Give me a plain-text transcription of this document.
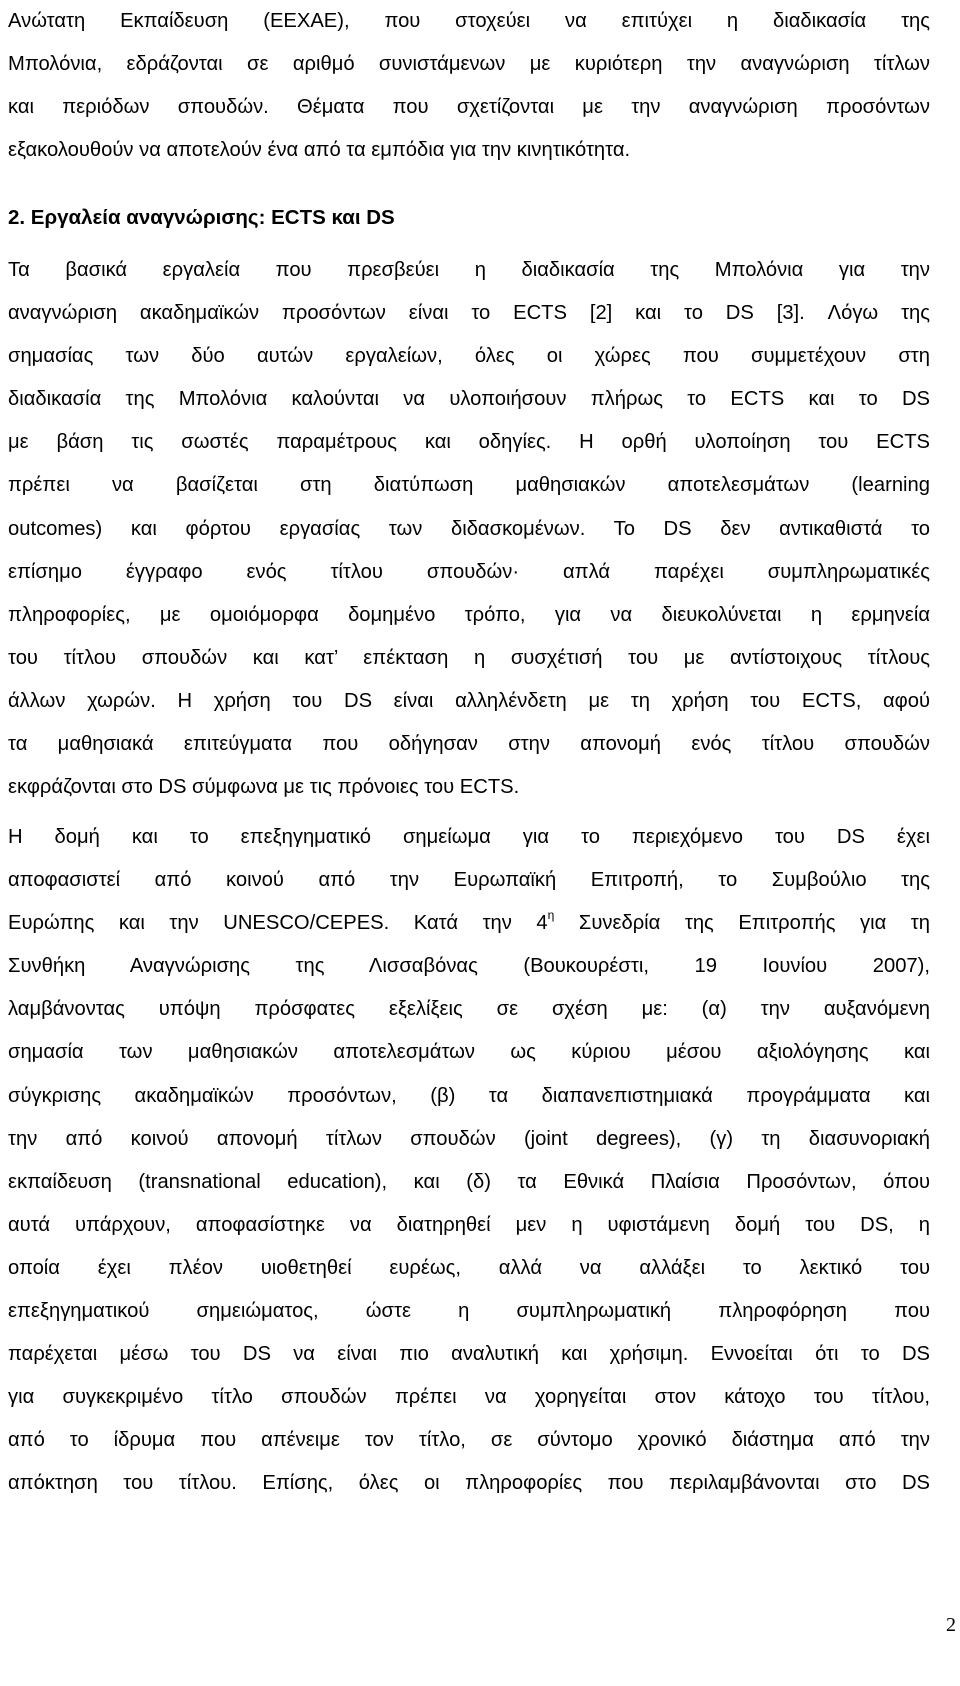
Ανώτατη Εκπαίδευση (ΕΕΧΑΕ), που στοχεύει να επιτύχει η διαδικασία της
Μπολόνια, εδράζονται σε αριθμό συνιστάμενων με κυριότερη την αναγνώριση τίτλων
και περιόδων σπουδών. Θέματα που σχετίζονται με την αναγνώριση προσόντων
εξακολουθούν να αποτελούν ένα από τα εμπόδια για την κινητικότητα.
2. Εργαλεία αναγνώρισης: ECTS και DS
Τα βασικά εργαλεία που πρεσβεύει η διαδικασία της Μπολόνια για την
αναγνώριση ακαδημαϊκών προσόντων είναι το ECTS [2] και το DS [3]. Λόγω της
σημασίας των δύο αυτών εργαλείων, όλες οι χώρες που συμμετέχουν στη
διαδικασία της Μπολόνια καλούνται να υλοποιήσουν πλήρως το ECTS και το DS
με βάση τις σωστές παραμέτρους και οδηγίες. Η ορθή υλοποίηση του ECTS
πρέπει να βασίζεται στη διατύπωση μαθησιακών αποτελεσμάτων (learning
outcomes) και φόρτου εργασίας των διδασκομένων. Το DS δεν αντικαθιστά το
επίσημο έγγραφο ενός τίτλου σπουδών· απλά παρέχει συμπληρωματικές
πληροφορίες, με ομοιόμορφα δομημένο τρόπο, για να διευκολύνεται η ερμηνεία
του τίτλου σπουδών και κατ’ επέκταση η συσχέτισή του με αντίστοιχους τίτλους
άλλων χωρών. Η χρήση του DS είναι αλληλένδετη με τη χρήση του ECTS, αφού
τα μαθησιακά επιτεύγματα που οδήγησαν στην απονομή ενός τίτλου σπουδών
εκφράζονται στο DS σύμφωνα με τις πρόνοιες του ECTS.
Η δομή και το επεξηγηματικό σημείωμα για το περιεχόμενο του DS έχει
αποφασιστεί από κοινού από την Ευρωπαϊκή Επιτροπή, το Συμβούλιο της
Ευρώπης και την UNESCO/CEPES. Κατά την $4^\eta$ Συνεδρία της Επιτροπής για τη
Συνθήκη Αναγνώρισης της Λισσαβόνας (Βουκουρέστι, 19 Ιουνίου 2007),
λαμβάνοντας υπόψη πρόσφατες εξελίξεις σε σχέση με: (α) την αυξανόμενη
σημασία των μαθησιακών αποτελεσμάτων ως κύριου μέσου αξιολόγησης και
σύγκρισης ακαδημαϊκών προσόντων, (β) τα διαπανεπιστημιακά προγράμματα και
την από κοινού απονομή τίτλων σπουδών (joint degrees), (γ) τη διασυνοριακή
εκπαίδευση (transnational education), και (δ) τα Εθνικά Πλαίσια Προσόντων, όπου
αυτά υπάρχουν, αποφασίστηκε να διατηρηθεί μεν η υφιστάμενη δομή του DS, η
οποία έχει πλέον υιοθετηθεί ευρέως, αλλά να αλλάξει το λεκτικό του
επεξηγηματικού σημειώματος, ώστε η συμπληρωματική πληροφόρηση που
παρέχεται μέσω του DS να είναι πιο αναλυτική και χρήσιμη. Εννοείται ότι το DS
για συγκεκριμένο τίτλο σπουδών πρέπει να χορηγείται στον κάτοχο του τίτλου,
από το ίδρυμα που απένειμε τον τίτλο, σε σύντομο χρονικό διάστημα από την
απόκτηση του τίτλου. Επίσης, όλες οι πληροφορίες που περιλαμβάνονται στο DS
2
